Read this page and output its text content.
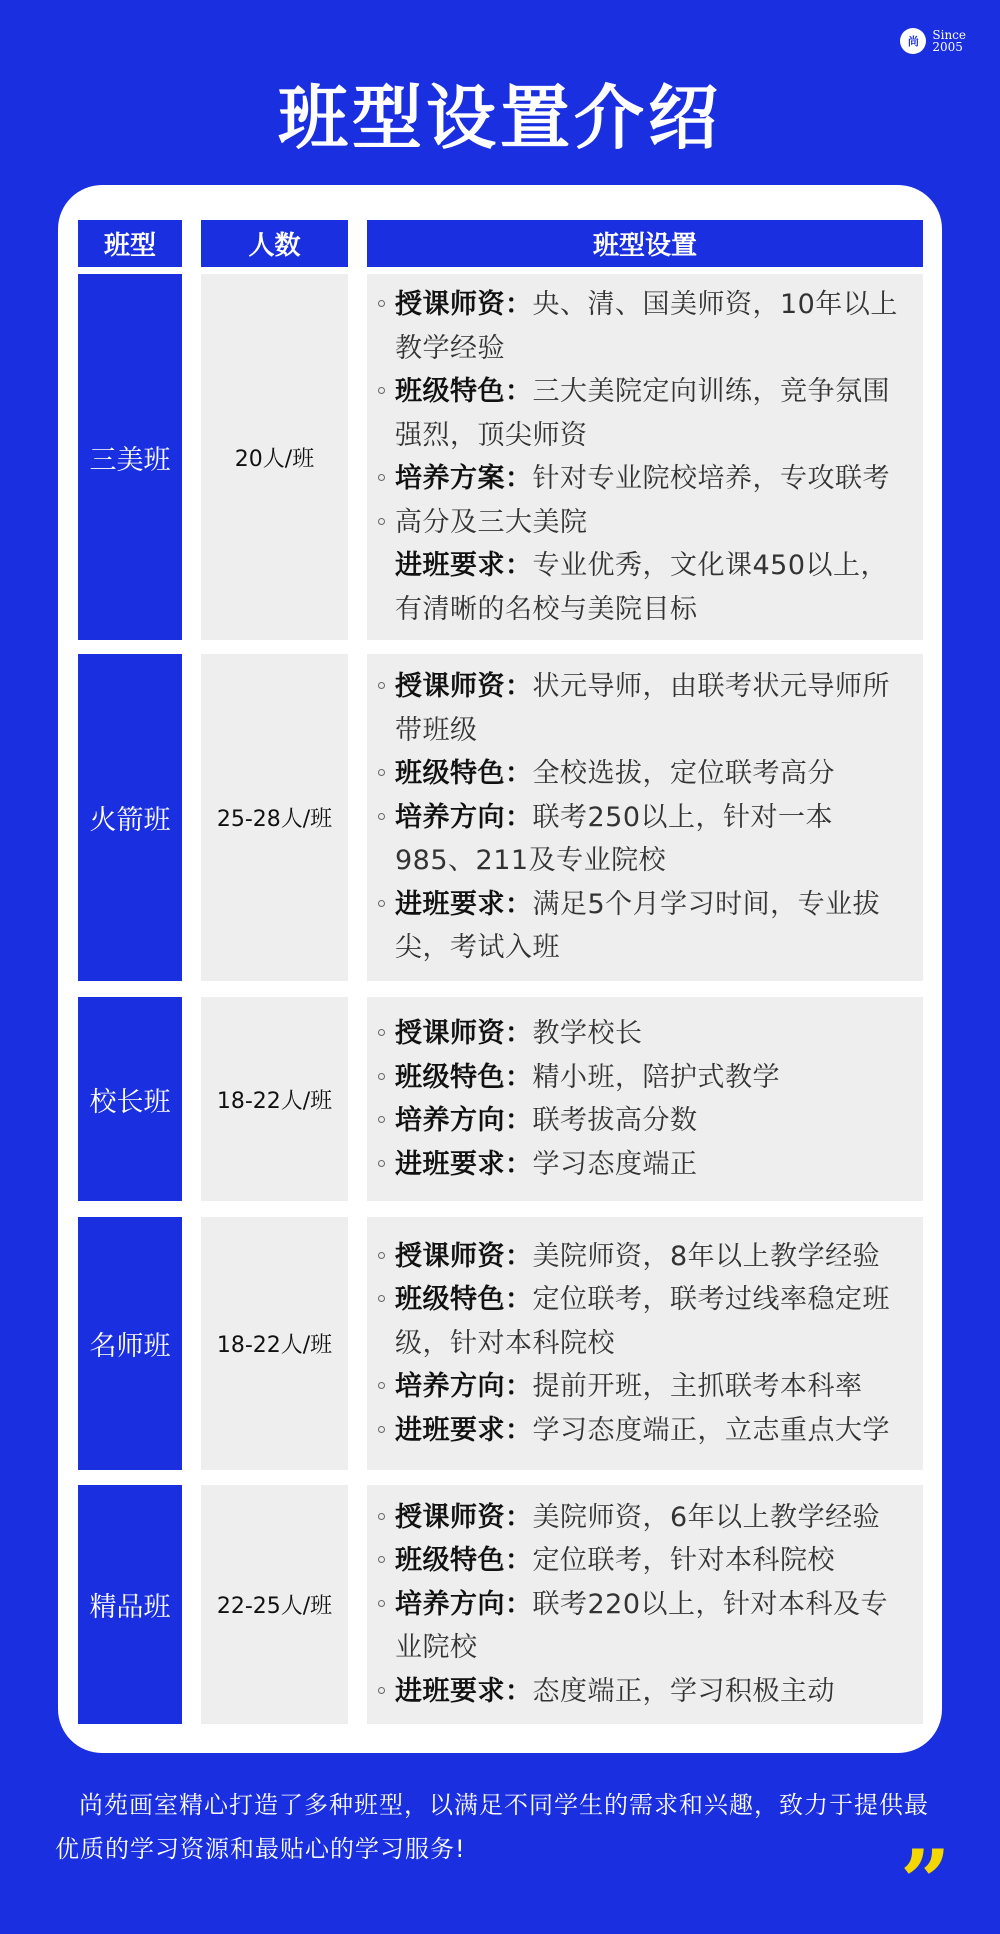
尚	Since
2005
班型设置介绍
班型	人数	班型设置
三美班	20人/班
授课师资：央、清、国美师资，10年以上教学经验
班级特色：三大美院定向训练，竞争氛围强烈，顶尖师资
培养方案：针对专业院校培养，专攻联考
高分及三大美院
进班要求：专业优秀，文化课450以上，有清晰的名校与美院目标
火箭班	25-28人/班
授课师资：状元导师，由联考状元导师所带班级
班级特色：全校选拔，定位联考高分
培养方向：联考250以上，针对一本985、211及专业院校
进班要求：满足5个月学习时间，专业拔尖，考试入班
校长班	18-22人/班
授课师资：教学校长
班级特色：精小班，陪护式教学
培养方向：联考拔高分数
进班要求：学习态度端正
名师班	18-22人/班
授课师资：美院师资，8年以上教学经验
班级特色：定位联考，联考过线率稳定班级，针对本科院校
培养方向：提前开班，主抓联考本科率
进班要求：学习态度端正，立志重点大学
精品班	22-25人/班
授课师资：美院师资，6年以上教学经验
班级特色：定位联考，针对本科院校
培养方向：联考220以上，针对本科及专业院校
进班要求：态度端正，学习积极主动
尚苑画室精心打造了多种班型，以满足不同学生的需求和兴趣，致力于提供最优质的学习资源和最贴心的学习服务!	”
